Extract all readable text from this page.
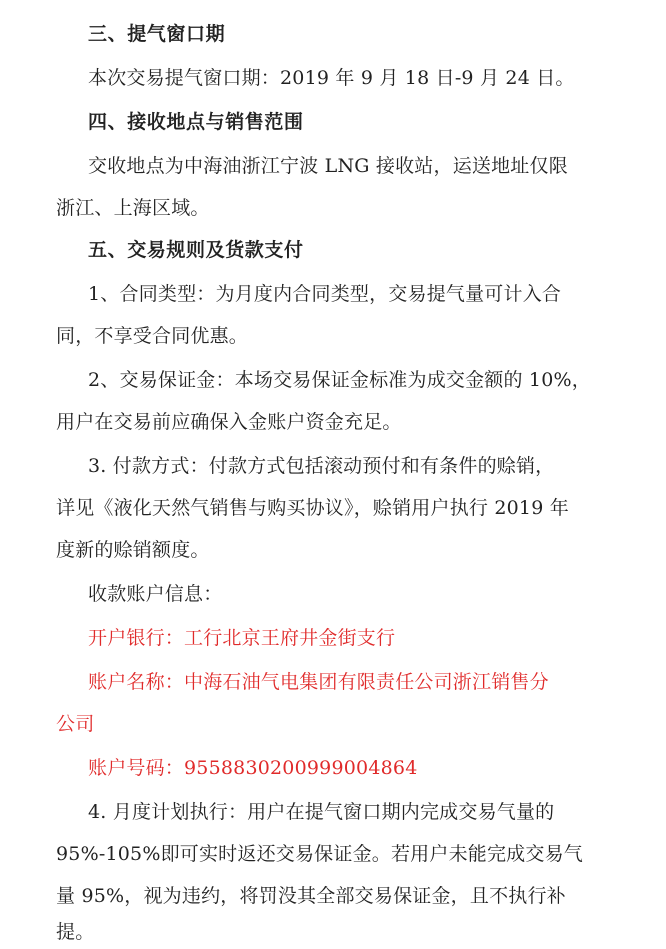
三、提气窗口期
本次交易提气窗口期：2019 年 9 月 18 日-9 月 24 日。
四、接收地点与销售范围
交收地点为中海油浙江宁波 LNG 接收站，运送地址仅限
浙江、上海区域。
五、交易规则及货款支付
1、合同类型：为月度内合同类型，交易提气量可计入合
同，不享受合同优惠。
2、交易保证金：本场交易保证金标准为成交金额的 10%，
用户在交易前应确保入金账户资金充足。
3. 付款方式：付款方式包括滚动预付和有条件的赊销，
详见《液化天然气销售与购买协议》，赊销用户执行 2019 年
度新的赊销额度。
收款账户信息：
开户银行：工行北京王府井金街支行
账户名称：中海石油气电集团有限责任公司浙江销售分
公司
账户号码：9558830200999004864
4. 月度计划执行：用户在提气窗口期内完成交易气量的
95%-105%即可实时返还交易保证金。若用户未能完成交易气
量 95%，视为违约，将罚没其全部交易保证金，且不执行补
提。
